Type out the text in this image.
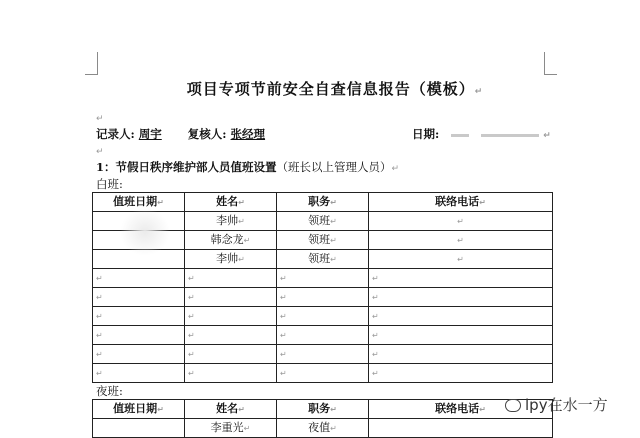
项目专项节前安全自查信息报告（模板）↵
↵
记录人: 周宇 复核人: 张经理	日期:	↵
↵
1：节假日秩序维护部人员值班设置（班长以上管理人员）↵
白班:
值班日期↵	姓名↵	职务↵	联络电话↵
	李帅↵	领班↵	↵
	韩念龙↵	领班↵	↵
	李帅↵	领班↵	↵
↵	↵	↵	↵
↵	↵	↵	↵
↵	↵	↵	↵
↵	↵	↵	↵
↵	↵	↵	↵
↵	↵	↵	↵
夜班:
值班日期↵	姓名↵	职务↵	联络电话↵
	李重光↵	夜值↵	
lpy在水一方
